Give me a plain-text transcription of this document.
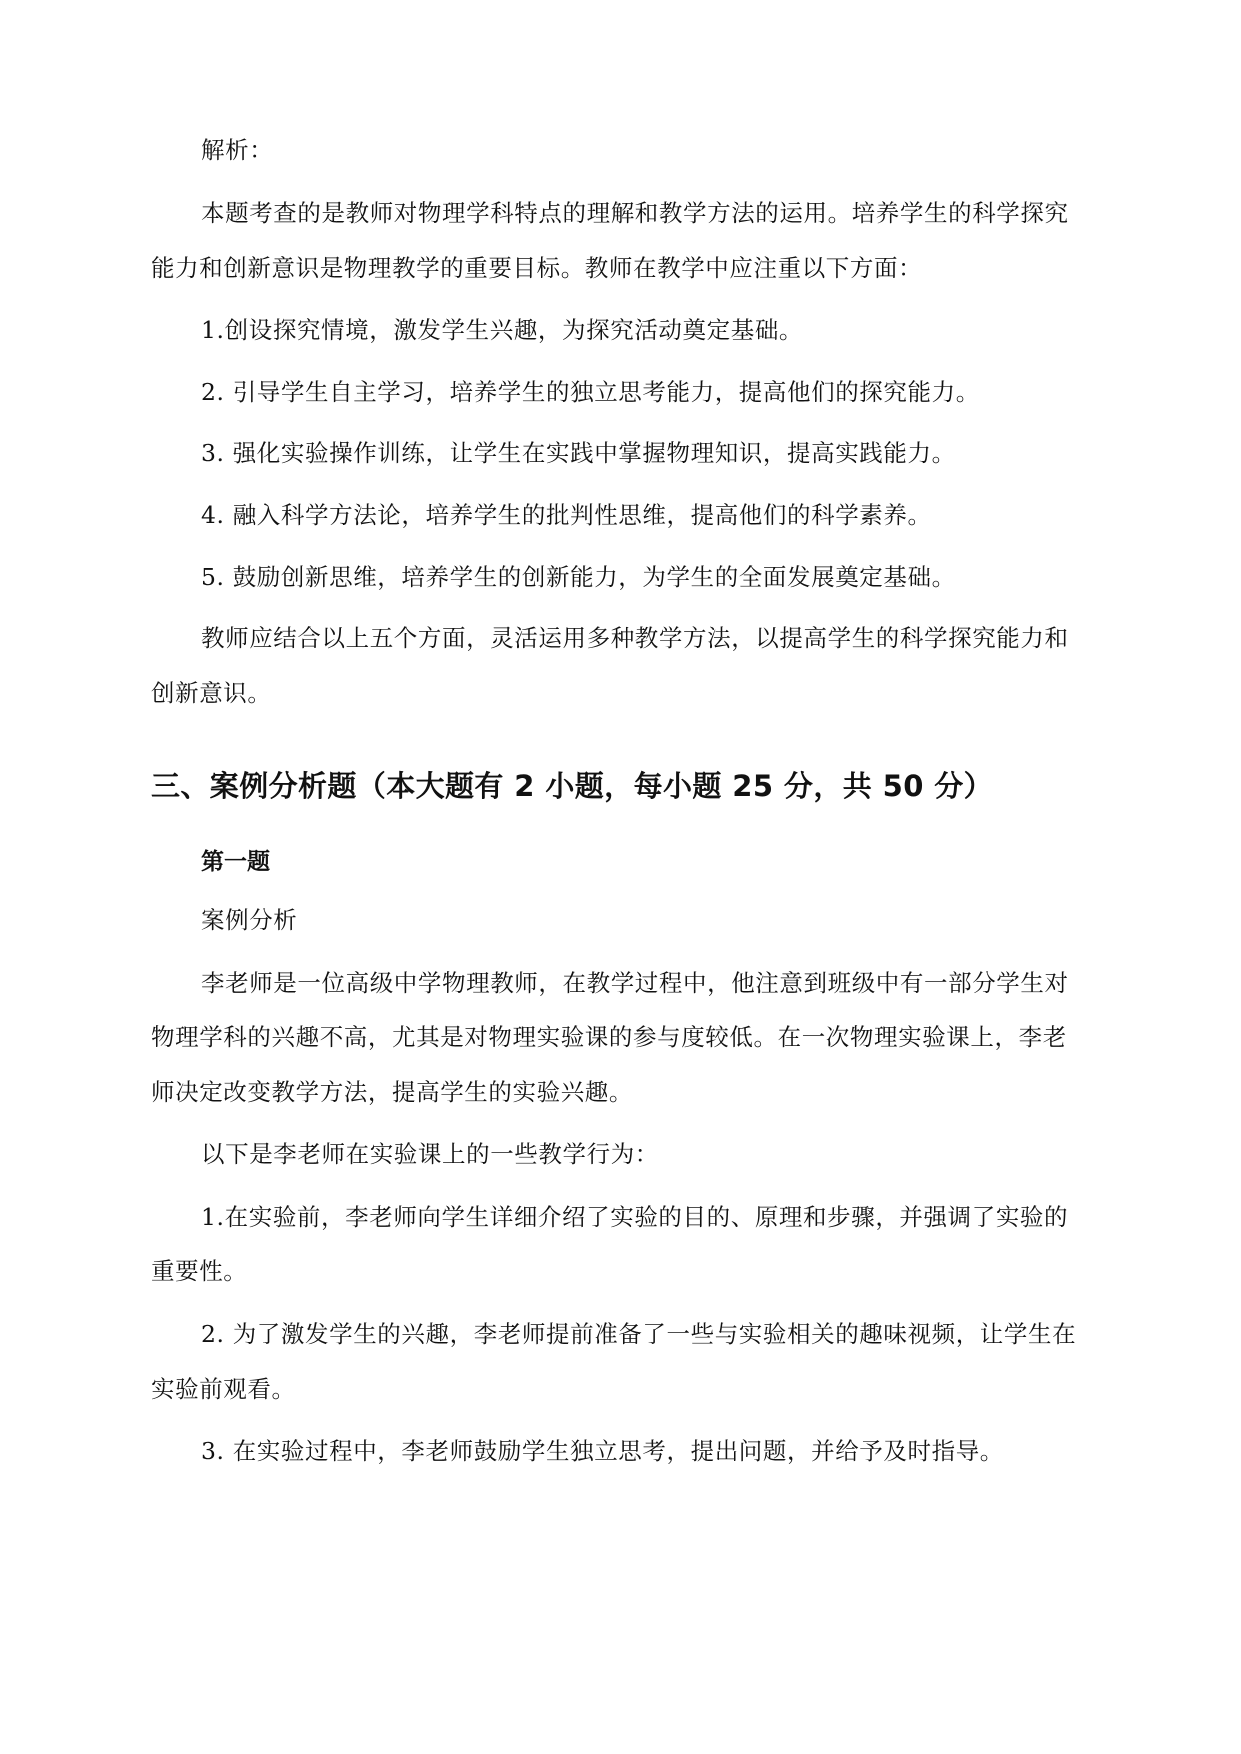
解析：
本题考查的是教师对物理学科特点的理解和教学方法的运用。培养学生的科学探究
能力和创新意识是物理教学的重要目标。教师在教学中应注重以下方面：
1.创设探究情境，激发学生兴趣，为探究活动奠定基础。
2. 引导学生自主学习，培养学生的独立思考能力，提高他们的探究能力。
3. 强化实验操作训练，让学生在实践中掌握物理知识，提高实践能力。
4. 融入科学方法论，培养学生的批判性思维，提高他们的科学素养。
5. 鼓励创新思维，培养学生的创新能力，为学生的全面发展奠定基础。
教师应结合以上五个方面，灵活运用多种教学方法，以提高学生的科学探究能力和
创新意识。
三、案例分析题（本大题有 2 小题，每小题 25 分，共 50 分）
第一题
案例分析
李老师是一位高级中学物理教师，在教学过程中，他注意到班级中有一部分学生对
物理学科的兴趣不高，尤其是对物理实验课的参与度较低。在一次物理实验课上，李老
师决定改变教学方法，提高学生的实验兴趣。
以下是李老师在实验课上的一些教学行为：
1.在实验前，李老师向学生详细介绍了实验的目的、原理和步骤，并强调了实验的
重要性。
2. 为了激发学生的兴趣，李老师提前准备了一些与实验相关的趣味视频，让学生在
实验前观看。
3. 在实验过程中，李老师鼓励学生独立思考，提出问题，并给予及时指导。
